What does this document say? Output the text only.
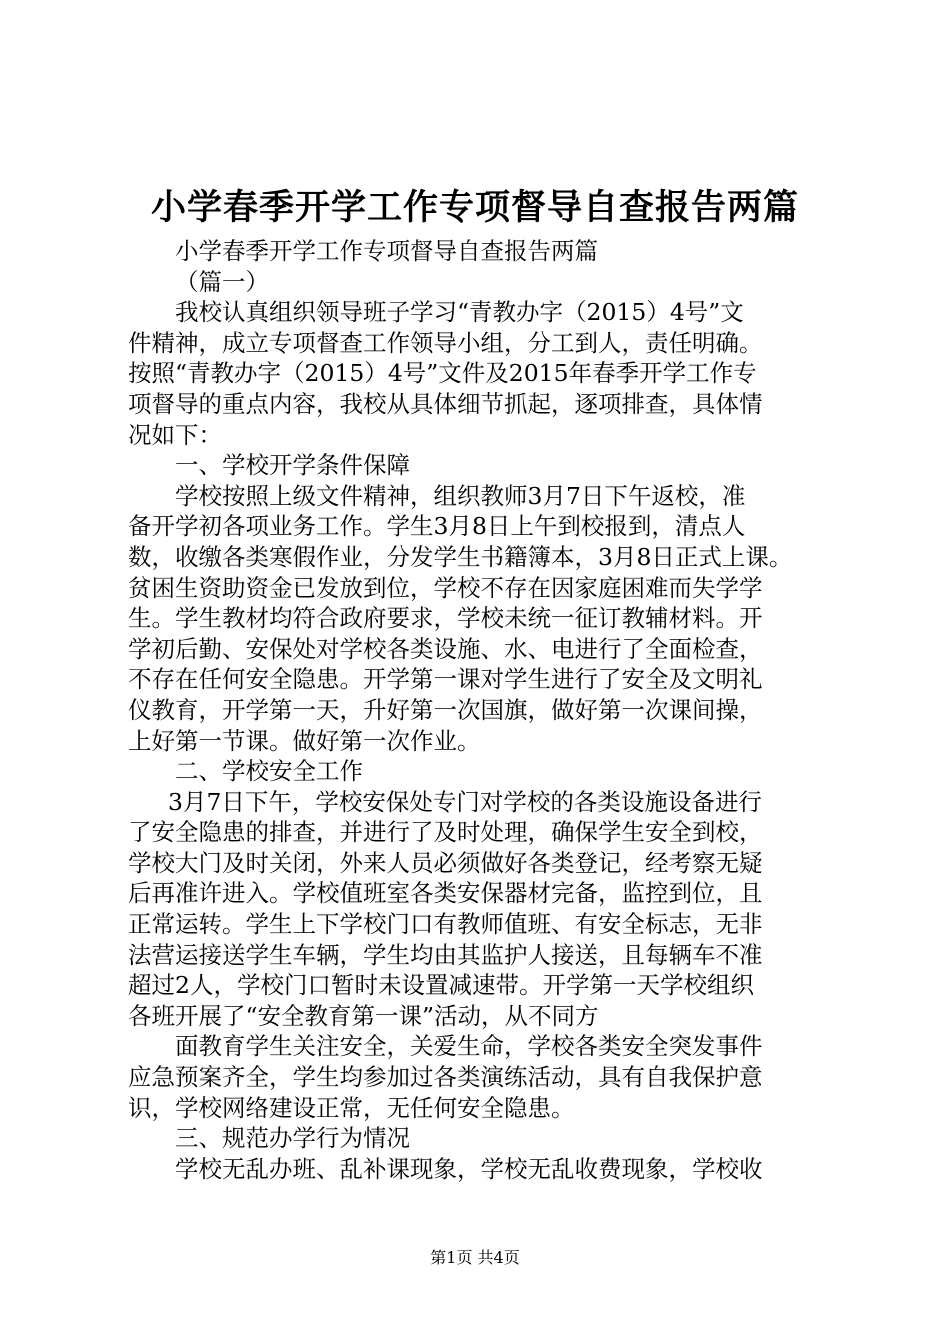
小学春季开学工作专项督导自查报告两篇
小学春季开学工作专项督导自查报告两篇
（篇一）
我校认真组织领导班子学习“青教办字（2015）4号”文
件精神，成立专项督查工作领导小组，分工到人，责任明确。
按照“青教办字（2015）4号”文件及2015年春季开学工作专
项督导的重点内容，我校从具体细节抓起，逐项排查，具体情
况如下：
一、学校开学条件保障
学校按照上级文件精神，组织教师3月7日下午返校，准
备开学初各项业务工作。学生3月8日上午到校报到，清点人
数，收缴各类寒假作业，分发学生书籍簿本，3月8日正式上课。
贫困生资助资金已发放到位，学校不存在因家庭困难而失学学
生。学生教材均符合政府要求，学校未统一征订教辅材料。开
学初后勤、安保处对学校各类设施、水、电进行了全面检查，
不存在任何安全隐患。开学第一课对学生进行了安全及文明礼
仪教育，开学第一天，升好第一次国旗，做好第一次课间操，
上好第一节课。做好第一次作业。
二、学校安全工作
3月7日下午，学校安保处专门对学校的各类设施设备进行
了安全隐患的排查，并进行了及时处理，确保学生安全到校，
学校大门及时关闭，外来人员必须做好各类登记，经考察无疑
后再准许进入。学校值班室各类安保器材完备，监控到位，且
正常运转。学生上下学校门口有教师值班、有安全标志，无非
法营运接送学生车辆，学生均由其监护人接送，且每辆车不准
超过2人，学校门口暂时未设置减速带。开学第一天学校组织
各班开展了“安全教育第一课”活动，从不同方
面教育学生关注安全，关爱生命，学校各类安全突发事件
应急预案齐全，学生均参加过各类演练活动，具有自我保护意
识，学校网络建设正常，无任何安全隐患。
三、规范办学行为情况
学校无乱办班、乱补课现象，学校无乱收费现象，学校收
第1页 共4页
